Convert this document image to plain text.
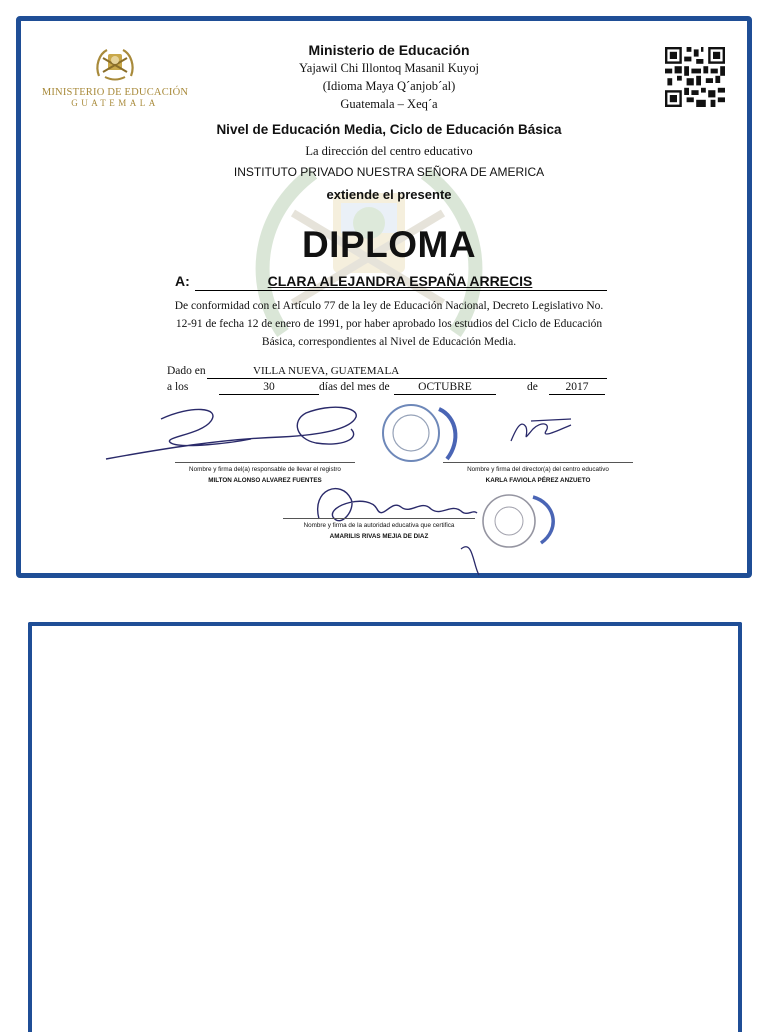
MINISTERIO DE EDUCACIÓN
GUATEMALA
Ministerio de Educación
Yajawil Chi Illontoq Masanil Kuyoj
(Idioma Maya Q´anjob´al)
Guatemala – Xeq´a
Nivel de Educación Media, Ciclo de Educación Básica
La dirección del centro educativo
INSTITUTO PRIVADO NUESTRA SEÑORA DE AMERICA
extiende el presente
DIPLOMA
A:	CLARA ALEJANDRA ESPAÑA ARRECIS
De conformidad con el Artículo 77 de la ley de Educación Nacional, Decreto Legislativo No.
12-91 de fecha 12 de enero de 1991, por haber aprobado los estudios del Ciclo de Educación
Básica, correspondientes al Nivel de Educación Media.
Dado en	VILLA NUEVA, GUATEMALA
a los	30	días del mes de	OCTUBRE	de	2017
Nombre y firma del(a) responsable de llevar el registro
MILTON ALONSO ALVAREZ FUENTES
Nombre y firma del director(a) del centro educativo
KARLA FAVIOLA PÉREZ ANZUETO
Nombre y firma de la autoridad educativa que certifica
AMARILIS RIVAS MEJIA DE DIAZ
